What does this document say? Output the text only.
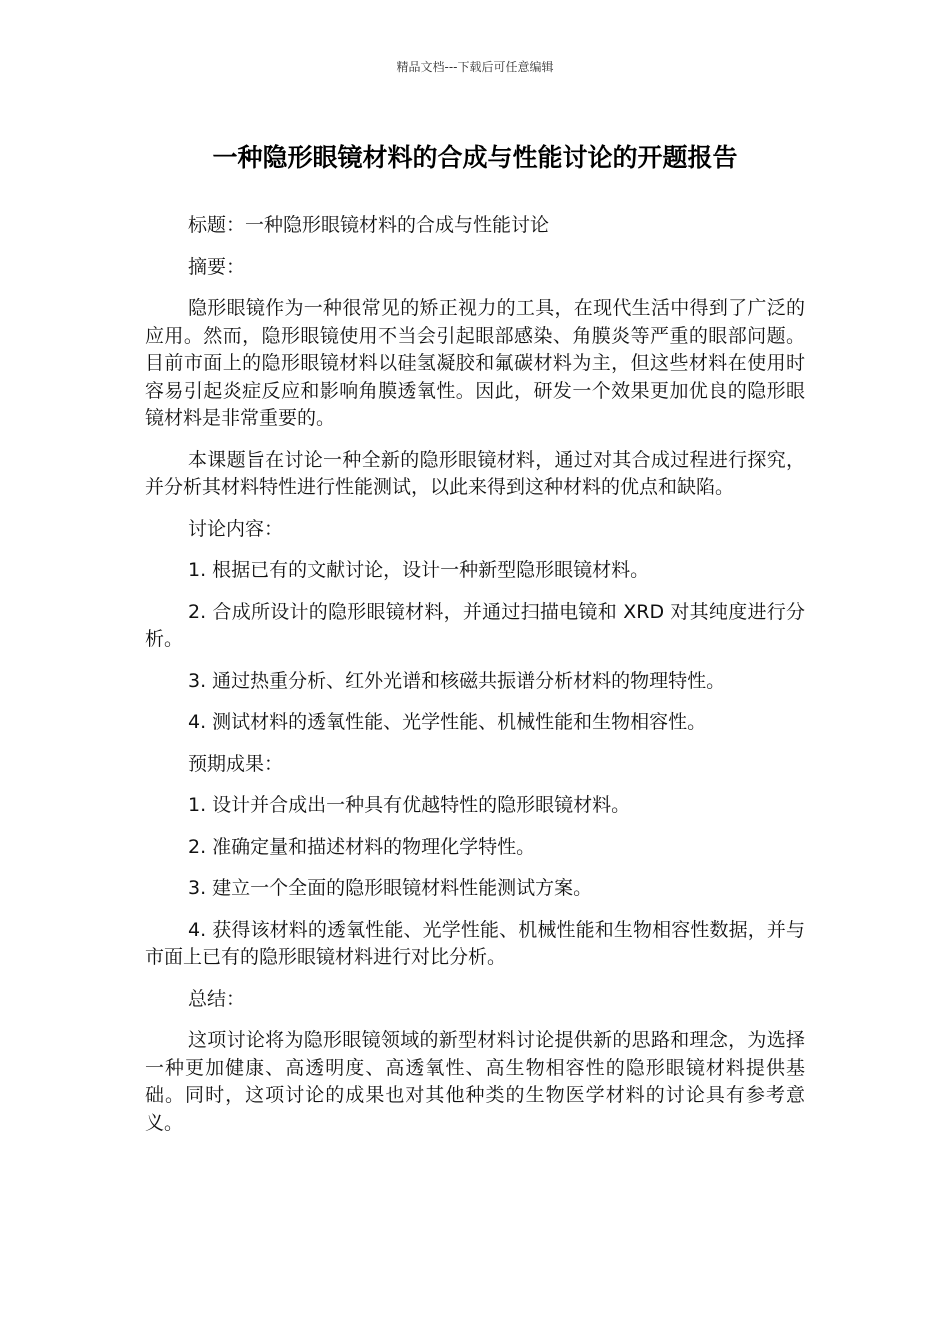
精品文档---下载后可任意编辑
一种隐形眼镜材料的合成与性能讨论的开题报告

标题：一种隐形眼镜材料的合成与性能讨论

摘要：

隐形眼镜作为一种很常见的矫正视力的工具，在现代生活中得到了广泛的应用。然而，隐形眼镜使用不当会引起眼部感染、角膜炎等严重的眼部问题。目前市面上的隐形眼镜材料以硅氢凝胶和氟碳材料为主，但这些材料在使用时容易引起炎症反应和影响角膜透氧性。因此，研发一个效果更加优良的隐形眼镜材料是非常重要的。

本课题旨在讨论一种全新的隐形眼镜材料，通过对其合成过程进行探究，并分析其材料特性进行性能测试，以此来得到这种材料的优点和缺陷。

讨论内容：

1. 根据已有的文献讨论，设计一种新型隐形眼镜材料。

2. 合成所设计的隐形眼镜材料，并通过扫描电镜和 XRD 对其纯度进行分析。

3. 通过热重分析、红外光谱和核磁共振谱分析材料的物理特性。

4. 测试材料的透氧性能、光学性能、机械性能和生物相容性。

预期成果：

1. 设计并合成出一种具有优越特性的隐形眼镜材料。

2. 准确定量和描述材料的物理化学特性。

3. 建立一个全面的隐形眼镜材料性能测试方案。

4. 获得该材料的透氧性能、光学性能、机械性能和生物相容性数据，并与市面上已有的隐形眼镜材料进行对比分析。

总结：

这项讨论将为隐形眼镜领域的新型材料讨论提供新的思路和理念，为选择一种更加健康、高透明度、高透氧性、高生物相容性的隐形眼镜材料提供基础。同时，这项讨论的成果也对其他种类的生物医学材料的讨论具有参考意义。
